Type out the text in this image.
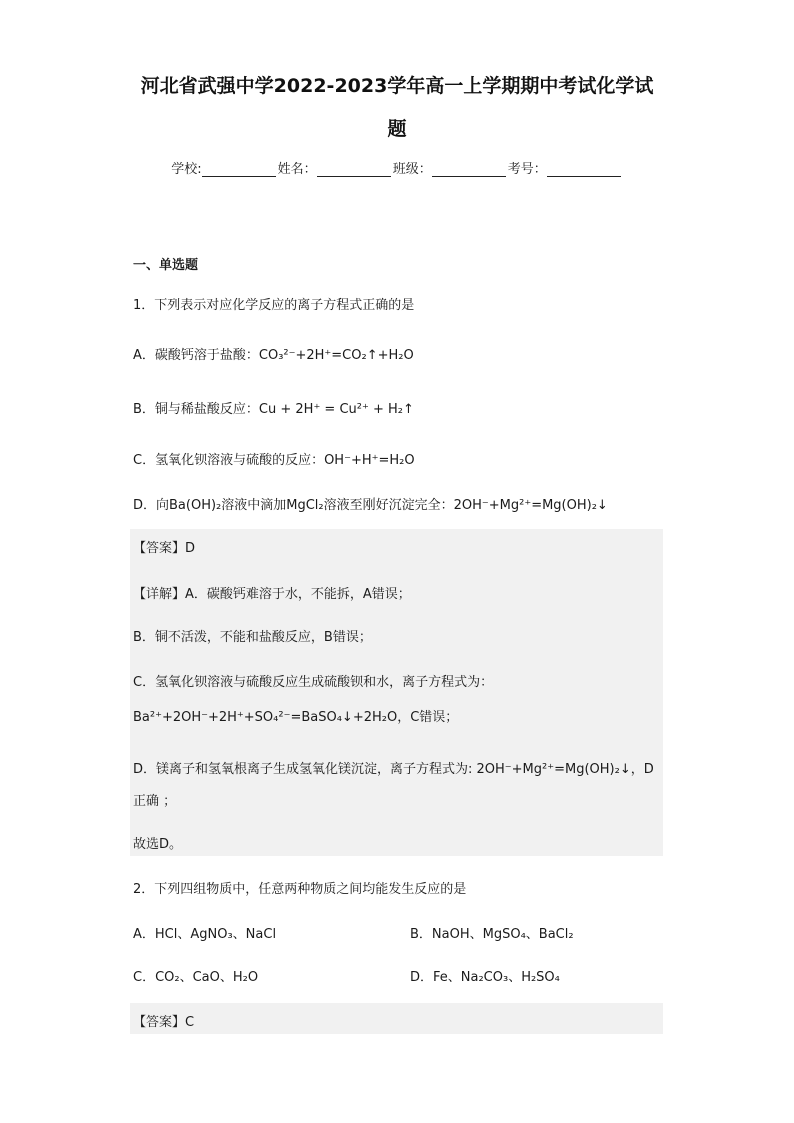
河北省武强中学2022-2023学年高一上学期期中考试化学试
题
学校:	姓名：	班级：	考号：
一、单选题
1．下列表示对应化学反应的离子方程式正确的是
A．碳酸钙溶于盐酸：CO₃²⁻+2H⁺=CO₂↑+H₂O
B．铜与稀盐酸反应：Cu + 2H⁺ = Cu²⁺ + H₂↑
C．氢氧化钡溶液与硫酸的反应：OH⁻+H⁺=H₂O
D．向Ba(OH)₂溶液中滴加MgCl₂溶液至刚好沉淀完全：2OH⁻+Mg²⁺=Mg(OH)₂↓
【答案】D
【详解】A．碳酸钙难溶于水，不能拆，A错误；
B．铜不活泼，不能和盐酸反应，B错误；
C．氢氧化钡溶液与硫酸反应生成硫酸钡和水，离子方程式为：
Ba²⁺+2OH⁻+2H⁺+SO₄²⁻=BaSO₄↓+2H₂O，C错误；
D．镁离子和氢氧根离子生成氢氧化镁沉淀，离子方程式为: 2OH⁻+Mg²⁺=Mg(OH)₂↓，D
正确 ；
故选D。
2．下列四组物质中，任意两种物质之间均能发生反应的是
A．HCl、AgNO₃、NaCl	B．NaOH、MgSO₄、BaCl₂
C．CO₂、CaO、H₂O	D．Fe、Na₂CO₃、H₂SO₄
【答案】C
